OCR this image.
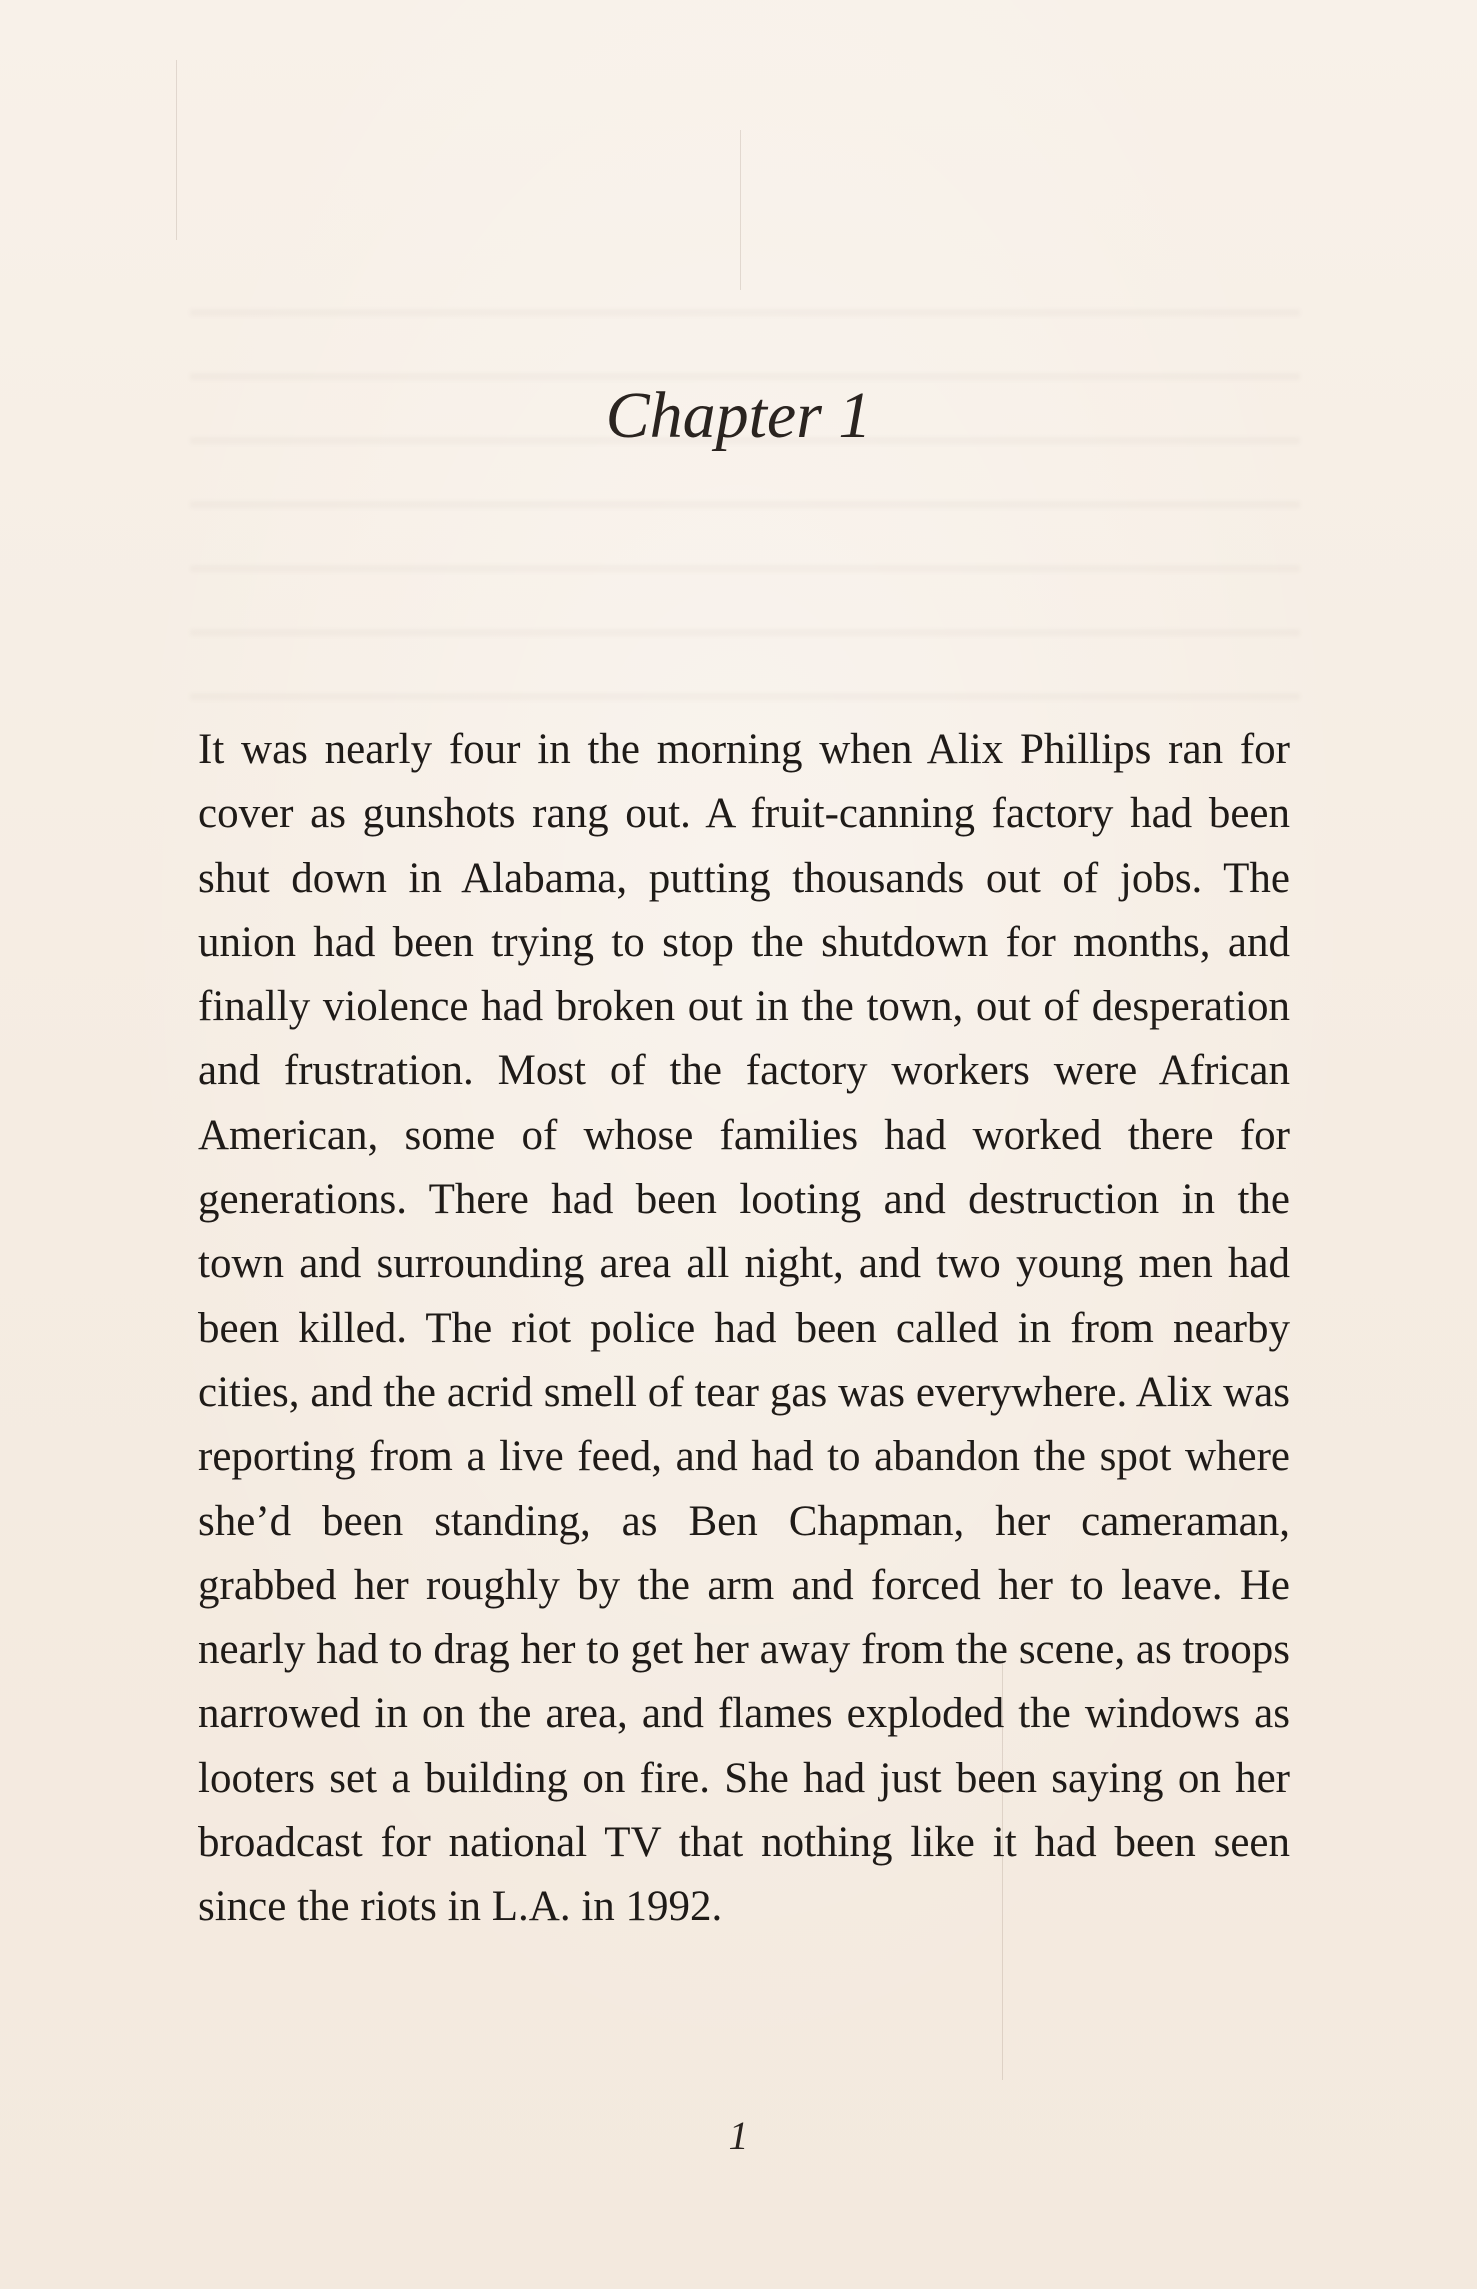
Chapter 1

It was nearly four in the morning when Alix Phillips ran for cover as gunshots rang out. A fruit-canning factory had been shut down in Alabama, putting thousands out of jobs. The union had been trying to stop the shutdown for months, and finally violence had broken out in the town, out of desperation and frustration. Most of the factory workers were African American, some of whose families had worked there for generations. There had been looting and destruction in the town and surrounding area all night, and two young men had been killed. The riot police had been called in from nearby cities, and the acrid smell of tear gas was everywhere. Alix was reporting from a live feed, and had to abandon the spot where she’d been standing, as Ben Chapman, her cameraman, grabbed her roughly by the arm and forced her to leave. He nearly had to drag her to get her away from the scene, as troops narrowed in on the area, and flames exploded the windows as looters set a building on fire. She had just been saying on her broadcast for national TV that nothing like it had been seen since the riots in L.A. in 1992.

1
